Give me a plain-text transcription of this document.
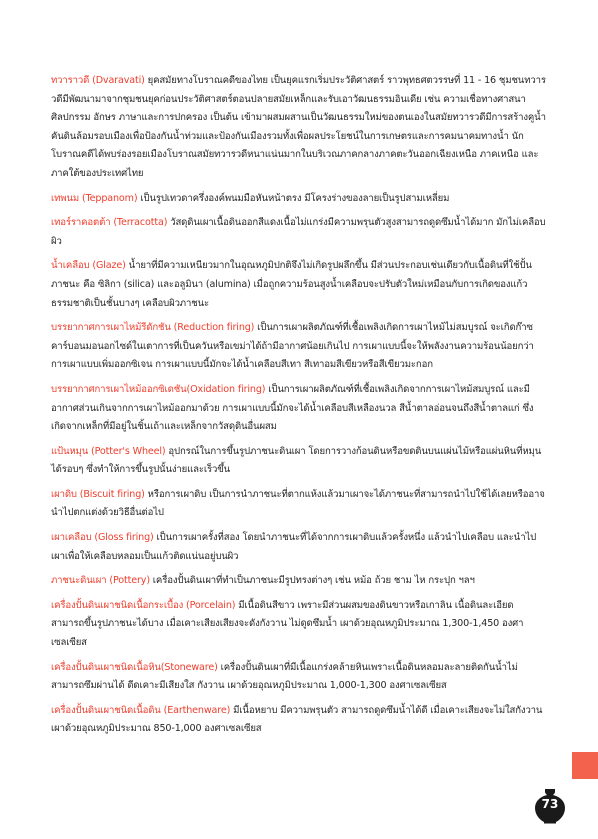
ทวาราวดี (Dvaravati) ยุคสมัยทางโบราณคดีของไทย เป็นยุคแรกเริ่มประวัติศาสตร์ ราวพุทธศตวรรษที่ 11 - 16 ชุมชนทวารวดีมีพัฒนามาจากชุมชนยุคก่อนประวัติศาสตร์ตอนปลายสมัยเหล็กและรับเอาวัฒนธรรมอินเดีย เช่น ความเชื่อทางศาสนา ศิลปกรรม อักษร ภาษาและการปกครอง เป็นต้น เข้ามาผสมผสานเป็นวัฒนธรรมใหม่ของตนเองในสมัยทวารวดีมีการสร้างคูน้ำคันดินล้อมรอบเมืองเพื่อป้องกันน้ำท่วมและป้องกันเมืองรวมทั้งเพื่อผลประโยชน์ในการเกษตรและการคมนาคมทางน้ำ นักโบราณคดีได้พบร่องรอยเมืองโบราณสมัยทวารวดีหนาแน่นมากในบริเวณภาคกลางภาคตะวันออกเฉียงเหนือ ภาคเหนือ และภาคใต้ของประเทศไทย

เทพนม (Teppanom) เป็นรูปเทวดาครึ่งองค์พนมมือหันหน้าตรง มีโครงร่างของลายเป็นรูปสามเหลี่ยม

เทอร์ราคอตต้า (Terracotta) วัสดุดินเผาเนื้อดินออกสีแดงเนื้อไม่แกร่งมีความพรุนตัวสูงสามารถดูดซึมน้ำได้มาก มักไม่เคลือบผิว

น้ำเคลือบ (Glaze) น้ำยาที่มีความเหนียวมากในอุณหภูมิปกติจึงไม่เกิดรูปผลึกขึ้น มีส่วนประกอบเช่นเดียวกับเนื้อดินที่ใช้ปั้นภาชนะ คือ ซิลิกา (silica) และอลูมินา (alumina) เมื่อถูกความร้อนสูงน้ำเคลือบจะปรับตัวใหม่เหมือนกับการเกิดของแก้วธรรมชาติเป็นชั้นบางๆ เคลือบผิวภาชนะ

บรรยากาศการเผาไหม้รีดักชัน (Reduction firing) เป็นการเผาผลิตภัณฑ์ที่เชื้อเพลิงเกิดการเผาไหม้ไม่สมบูรณ์ จะเกิดก๊าซคาร์บอนมอนอกไซด์ในเตาการที่เป็นควันหรือเขม่าได้ถ้ามีอากาศน้อยเกินไป การเผาแบบนี้จะให้พลังงานความร้อนน้อยกว่าการเผาแบบเพิ่มออกซิเจน การเผาแบบนี้มักจะได้น้ำเคลือบสีเทา สีเทาอมสีเขียวหรือสีเขียวมะกอก

บรรยากาศการเผาไหม้ออกซิเดชัน(Oxidation firing) เป็นการเผาผลิตภัณฑ์ที่เชื้อเพลิงเกิดจากการเผาไหม้สมบูรณ์ และมีอากาศส่วนเกินจากการเผาไหม้ออกมาด้วย การเผาแบบนี้มักจะได้น้ำเคลือบสีเหลืองนวล สีน้ำตาลอ่อนจนถึงสีน้ำตาลแก่ ซึ่งเกิดจากเหล็กที่มีอยู่ในชิ้นเถ้าและเหล็กจากวัสดุดินอื่นผสม

แป้นหมุน (Potter's Wheel) อุปกรณ์ในการขึ้นรูปภาชนะดินเผา โดยการวางก้อนดินหรือขดดินบนแผ่นไม้หรือแผ่นหินที่หมุนได้รอบๆ ซึ่งทำให้การขึ้นรูปนั้นง่ายและเร็วขึ้น

เผาดิบ (Biscuit firing) หรือการเผาดิบ เป็นการนำภาชนะที่ตากแห้งแล้วมาเผาจะได้ภาชนะที่สามารถนำไปใช้ได้เลยหรืออาจนำไปตกแต่งด้วยวิธีอื่นต่อไป

เผาเคลือบ (Gloss firing) เป็นการเผาครั้งที่สอง โดยนำภาชนะที่ได้จากการเผาดิบแล้วครั้งหนึ่ง แล้วนำไปเคลือบ และนำไปเผาเพื่อให้เคลือบหลอมเป็นแก้วติดแน่นอยู่บนผิว

ภาชนะดินเผา (Pottery) เครื่องปั้นดินเผาที่ทำเป็นภาชนะมีรูปทรงต่างๆ เช่น หม้อ ถ้วย ชาม ไห กระปุก ฯลฯ

เครื่องปั้นดินเผาชนิดเนื้อกระเบื้อง (Porcelain) มีเนื้อดินสีขาว เพราะมีส่วนผสมของดินขาวหรือเกาลิน เนื้อดินละเอียด สามารถขึ้นรูปภาชนะได้บาง เมื่อเคาะเสียงเสียงจะดังกังวาน ไม่ดูดซึมน้ำ เผาด้วยอุณหภูมิประมาณ 1,300-1,450 องศาเซลเซียส

เครื่องปั้นดินเผาชนิดเนื้อหิน(Stoneware) เครื่องปั้นดินเผาที่มีเนื้อแกร่งคล้ายหินเพราะเนื้อดินหลอมละลายติดกันน้ำไม่สามารถซึมผ่านได้ ดีดเคาะมีเสียงใส กังวาน เผาด้วยอุณหภูมิประมาณ 1,000-1,300 องศาเซลเซียส

เครื่องปั้นดินเผาชนิดเนื้อดิน (Earthenware) มีเนื้อหยาบ มีความพรุนตัว สามารถดูดซึมน้ำได้ดี เมื่อเคาะเสียงจะไม่ใสกังวาน เผาด้วยอุณหภูมิประมาณ 850-1,000 องศาเซลเซียส

73
